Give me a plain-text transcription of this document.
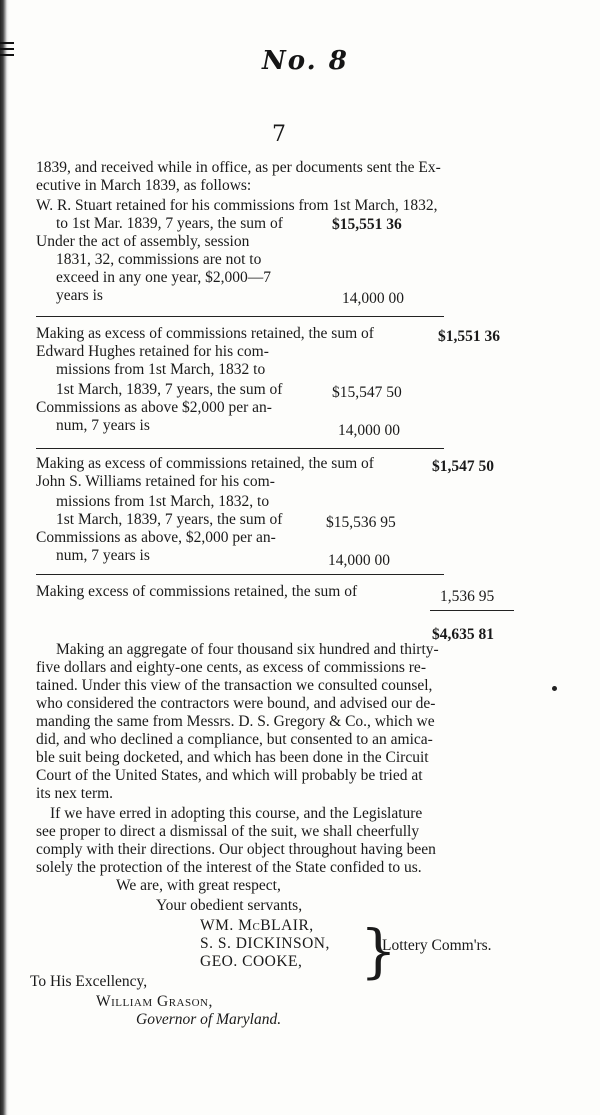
No. 8
7
1839, and received while in office, as per documents sent the Ex-
ecutive in March 1839, as follows:
W. R. Stuart retained for his commissions from 1st March, 1832,
to 1st Mar. 1839, 7 years, the sum of	$15,551 36
Under the act of assembly, session
1831, 32, commissions are not to
exceed in any one year, $2,000—7
years is	14,000 00
Making as excess of commissions retained, the sum of	$1,551 36
Edward Hughes retained for his com-
missions from 1st March, 1832 to
1st March, 1839, 7 years, the sum of	$15,547 50
Commissions as above $2,000 per an-
num, 7 years is	14,000 00
Making as excess of commissions retained, the sum of	$1,547 50
John S. Williams retained for his com-
missions from 1st March, 1832, to
1st March, 1839, 7 years, the sum of	$15,536 95
Commissions as above, $2,000 per an-
num, 7 years is	14,000 00
Making excess of commissions retained, the sum of	1,536 95
$4,635 81
Making an aggregate of four thousand six hundred and thirty-
five dollars and eighty-one cents, as excess of commissions re-
tained. Under this view of the transaction we consulted counsel,
who considered the contractors were bound, and advised our de-
manding the same from Messrs. D. S. Gregory & Co., which we
did, and who declined a compliance, but consented to an amica-
ble suit being docketed, and which has been done in the Circuit
Court of the United States, and which will probably be tried at
its nex term.
If we have erred in adopting this course, and the Legislature
see proper to direct a dismissal of the suit, we shall cheerfully
comply with their directions. Our object throughout having been
solely the protection of the interest of the State confided to us.
We are, with great respect,
Your obedient servants,
WM. McBLAIR,
S. S. DICKINSON,
GEO. COOKE, }
Lottery Comm'rs.
To His Excellency,
William Grason,
Governor of Maryland.
